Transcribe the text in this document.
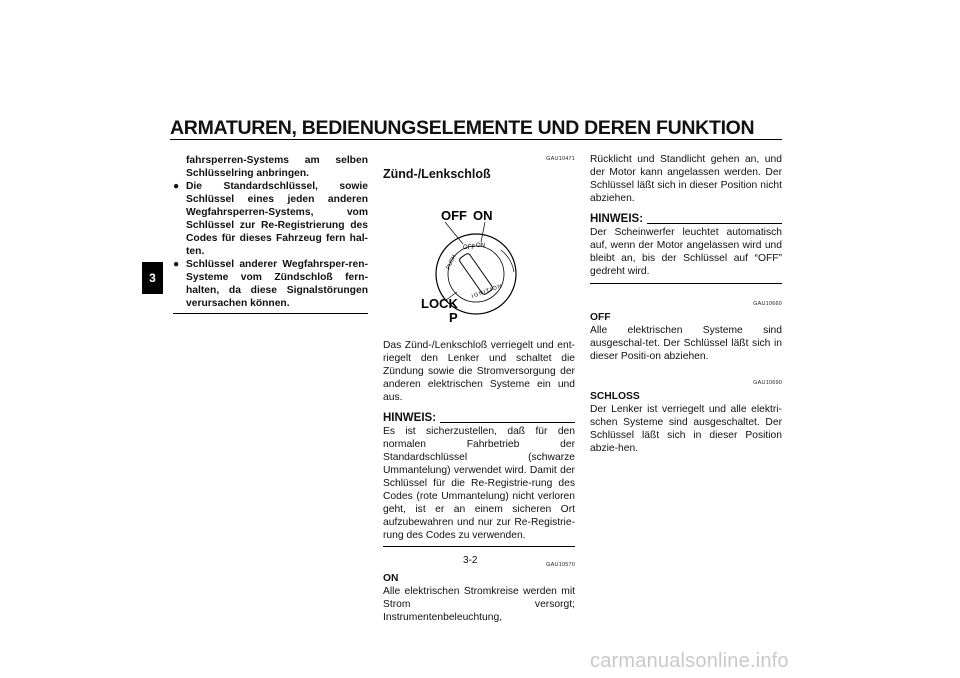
ARMATUREN, BEDIENUNGSELEMENTE UND DEREN FUNKTION
3
fahrsperren-Systems am selben Schlüsselring anbringen.
● Die Standardschlüssel, sowie Schlüssel eines jeden anderen Wegfahrsperren-Systems, vom Schlüssel zur Re-Registrierung des Codes für dieses Fahrzeug fern hal-ten.
● Schlüssel anderer Wegfahrsper-ren-Systeme vom Zündschloß fern-halten, da diese Signalstörungen verursachen können.
GAU10471
Zünd-/Lenkschloß
OFF ON
IGNITION
PUSH
OFF ON
LOCK
P
Das Zünd-/Lenkschloß verriegelt und ent-riegelt den Lenker und schaltet die Zündung sowie die Stromversorgung der anderen elektrischen Systeme ein und aus.
HINWEIS:
Es ist sicherzustellen, daß für den normalen Fahrbetrieb der Standardschlüssel (schwarze Ummantelung) verwendet wird. Damit der Schlüssel für die Re-Registrie-rung des Codes (rote Ummantelung) nicht verloren geht, ist er an einem sicheren Ort aufzubewahren und nur zur Re-Registrie-rung des Codes zu verwenden.
GAU10570
ON
Alle elektrischen Stromkreise werden mit Strom versorgt; Instrumentenbeleuchtung,
Rücklicht und Standlicht gehen an, und der Motor kann angelassen werden. Der Schlüssel läßt sich in dieser Position nicht abziehen.
HINWEIS:
Der Scheinwerfer leuchtet automatisch auf, wenn der Motor angelassen wird und bleibt an, bis der Schlüssel auf “OFF” gedreht wird.
GAU10660
OFF
Alle elektrischen Systeme sind ausgeschal-tet. Der Schlüssel läßt sich in dieser Positi-on abziehen.
GAU10690
SCHLOSS
Der Lenker ist verriegelt und alle elektri-schen Systeme sind ausgeschaltet. Der Schlüssel läßt sich in dieser Position abzie-hen.
3-2
carmanualsonline.info
